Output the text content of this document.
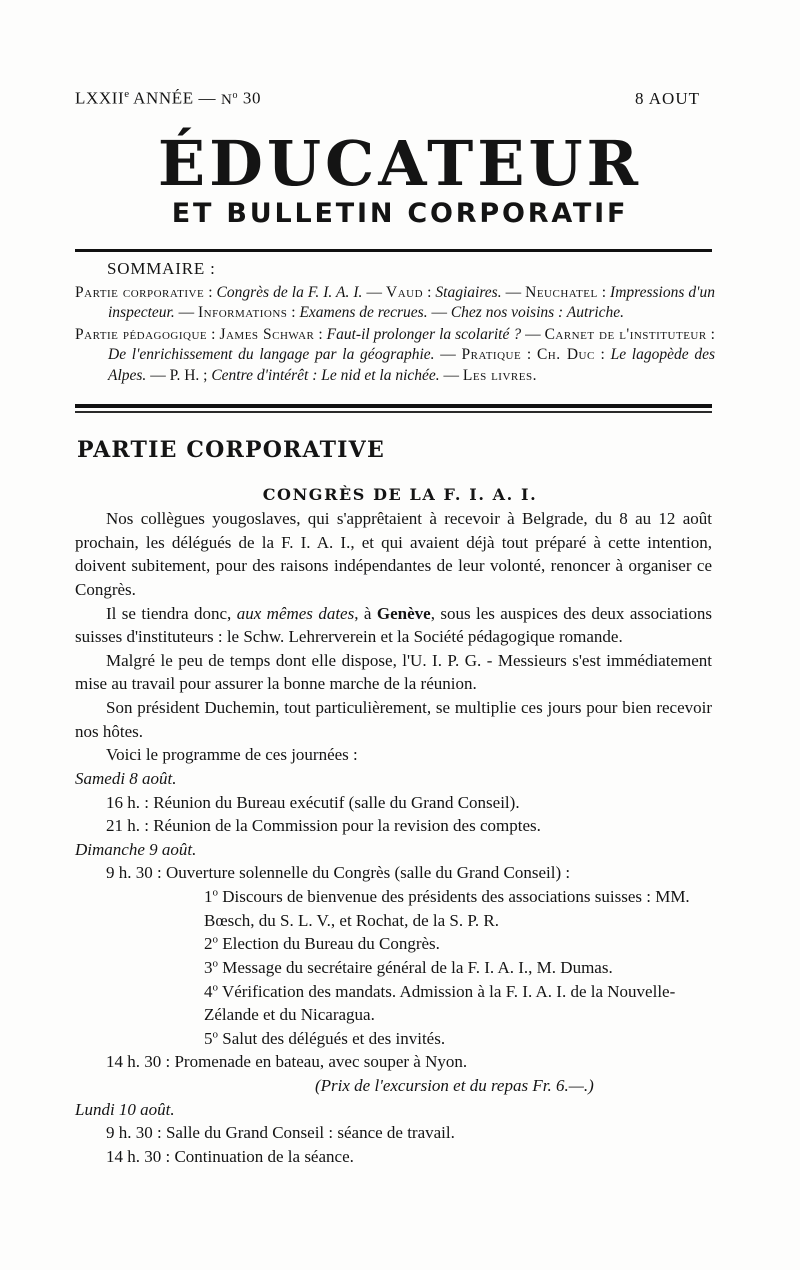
LXXIIe ANNÉE — $N^o$ 30	8 AOUT
ÉDUCATEUR
ET BULLETIN CORPORATIF
SOMMAIRE :

Partie corporative : Congrès de la F. I. A. I. — Vaud : Stagiaires. — Neuchatel : Impressions d'un inspecteur. — Informations : Examens de recrues. — Chez nos voisins : Autriche.

Partie pédagogique : James Schwar : Faut-il prolonger la scolarité ? — Carnet de l'instituteur : De l'enrichissement du langage par la géographie. — Pratique : Ch. Duc : Le lagopède des Alpes. — P. H. ; Centre d'intérêt : Le nid et la nichée. — Les livres.

PARTIE CORPORATIVE
CONGRÈS DE LA F. I. A. I.

Nos collègues yougoslaves, qui s'apprêtaient à recevoir à Belgrade, du 8 au 12 août prochain, les délégués de la F. I. A. I., et qui avaient déjà tout préparé à cette intention, doivent subitement, pour des raisons indépendantes de leur volonté, renoncer à organiser ce Congrès.

Il se tiendra donc, aux mêmes dates, à Genève, sous les auspices des deux associations suisses d'instituteurs : le Schw. Lehrerverein et la Société pédagogique romande.

Malgré le peu de temps dont elle dispose, l'U. I. P. G. - Messieurs s'est immédiatement mise au travail pour assurer la bonne marche de la réunion.

Son président Duchemin, tout particulièrement, se multiplie ces jours pour bien recevoir nos hôtes.

Voici le programme de ces journées :

Samedi 8 août.

16 h. : Réunion du Bureau exécutif (salle du Grand Conseil).

21 h. : Réunion de la Commission pour la revision des comptes.

Dimanche 9 août.

9 h. 30 : Ouverture solennelle du Congrès (salle du Grand Conseil) :

1$^o$ Discours de bienvenue des présidents des associations suisses : MM. Bœsch, du S. L. V., et Rochat, de la S. P. R.

2$^o$ Election du Bureau du Congrès.

3$^o$ Message du secrétaire général de la F. I. A. I., M. Dumas.

4$^o$ Vérification des mandats. Admission à la F. I. A. I. de la Nouvelle-Zélande et du Nicaragua.

5$^o$ Salut des délégués et des invités.

14 h. 30 : Promenade en bateau, avec souper à Nyon.

(Prix de l'excursion et du repas Fr. 6.—.)

Lundi 10 août.

9 h. 30 : Salle du Grand Conseil : séance de travail.

14 h. 30 : Continuation de la séance.
